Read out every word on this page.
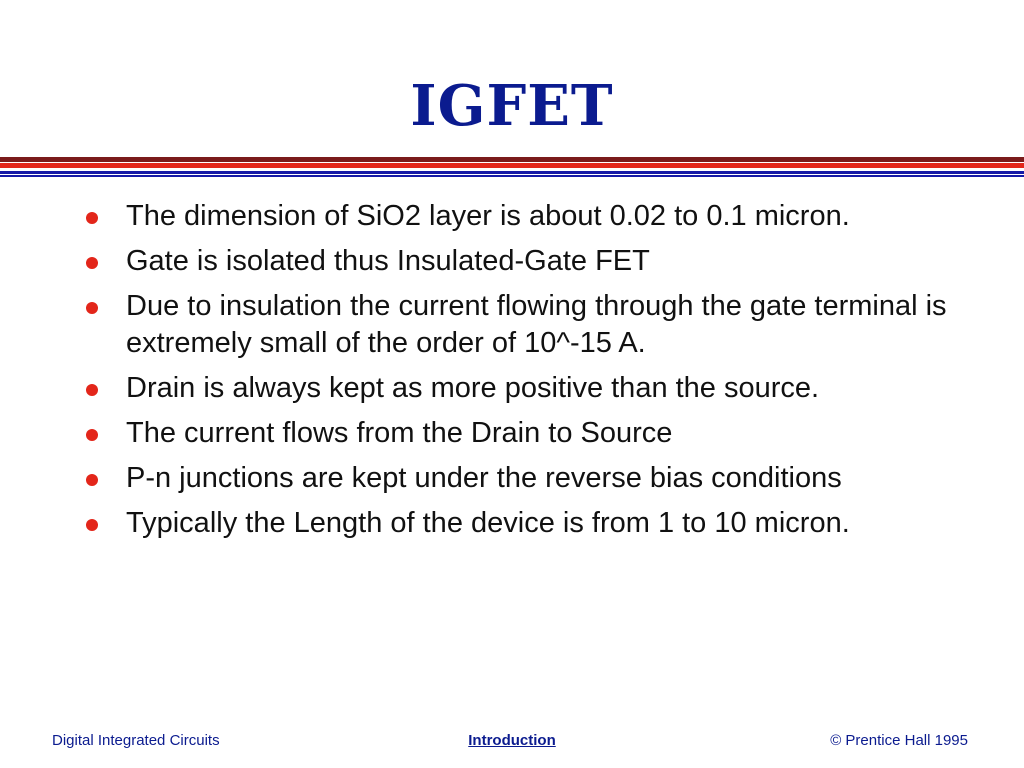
IGFET
The dimension of SiO2 layer is about 0.02 to 0.1 micron.
Gate is isolated thus Insulated-Gate FET
Due to insulation the current flowing through the gate terminal is extremely small of the order of 10^-15 A.
Drain is always kept as more positive than the source.
The current flows from the Drain to Source
P-n junctions are kept under the reverse bias conditions
Typically the Length of the device is from 1 to 10 micron.
Digital Integrated Circuits	Introduction	© Prentice Hall 1995
